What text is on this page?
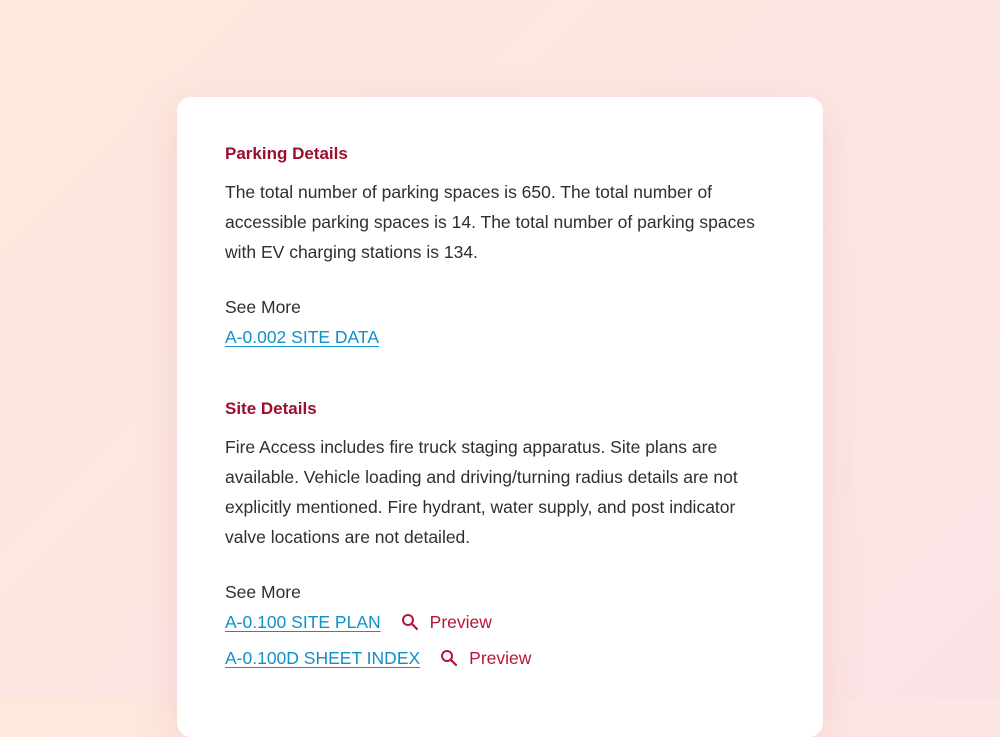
Parking Details

The total number of parking spaces is 650. The total number of accessible parking spaces is 14. The total number of parking spaces with EV charging stations is 134.

See More
A-0.002 SITE DATA
Site Details

Fire Access includes fire truck staging apparatus. Site plans are available. Vehicle loading and driving/turning radius details are not explicitly mentioned. Fire hydrant, water supply, and post indicator valve locations are not detailed.

See More
A-0.100 SITE PLAN	Preview
A-0.100D SHEET INDEX	Preview
